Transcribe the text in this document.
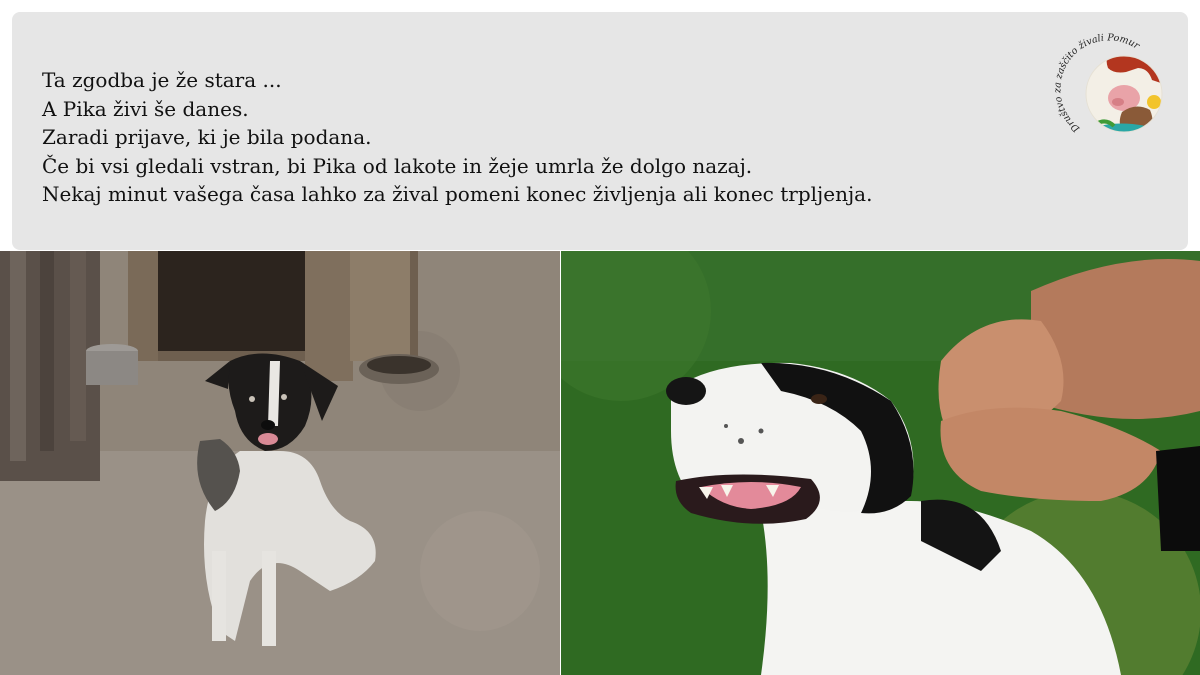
Ta zgodba je že stara ...
A Pika živi še danes.
Zaradi prijave, ki je bila podana.
Če bi vsi gledali vstran, bi Pika od lakote in žeje umrla že dolgo nazaj.
Nekaj minut vašega časa lahko za žival pomeni konec življenja ali konec trpljenja.
Društvo za zaščito živali Pomur
